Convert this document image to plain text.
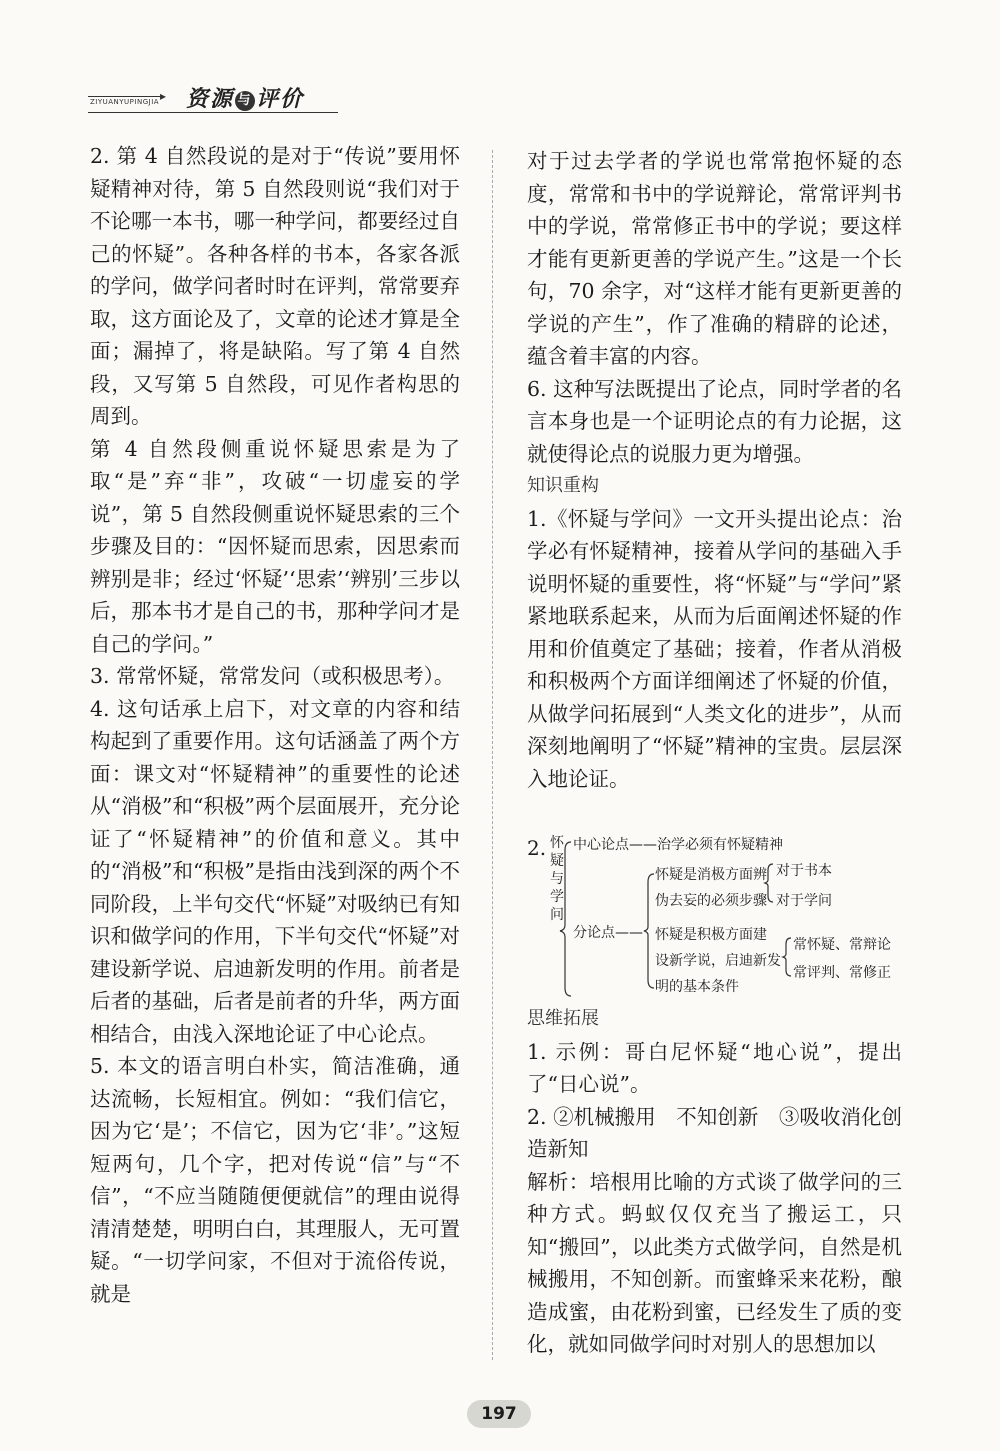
▸
ZIYUANYUPINGJIA 资源 与 评价

2. 第 4 自然段说的是对于“传说”要用怀疑精神对待，第 5 自然段则说“我们对于不论哪一本书，哪一种学问，都要经过自己的怀疑”。各种各样的书本，各家各派的学问，做学问者时时在评判，常常要弃取，这方面论及了，文章的论述才算是全面；漏掉了，将是缺陷。写了第 4 自然段，又写第 5 自然段，可见作者构思的周到。

第 4 自然段侧重说怀疑思索是为了取“是”弃“非”，攻破“一切虚妄的学说”，第 5 自然段侧重说怀疑思索的三个步骤及目的：“因怀疑而思索，因思索而辨别是非；经过‘怀疑’‘思索’‘辨别’三步以后，那本书才是自己的书，那种学问才是自己的学问。”

3. 常常怀疑，常常发问（或积极思考）。

4. 这句话承上启下，对文章的内容和结构起到了重要作用。这句话涵盖了两个方面：课文对“怀疑精神”的重要性的论述从“消极”和“积极”两个层面展开，充分论证了“怀疑精神”的价值和意义。其中的“消极”和“积极”是指由浅到深的两个不同阶段，上半句交代“怀疑”对吸纳已有知识和做学问的作用，下半句交代“怀疑”对建设新学说、启迪新发明的作用。前者是后者的基础，后者是前者的升华，两方面相结合，由浅入深地论证了中心论点。

5. 本文的语言明白朴实，简洁准确，通达流畅，长短相宜。例如：“我们信它，因为它‘是’；不信它，因为它‘非’。”这短短两句，几个字，把对传说“信”与“不信”，“不应当随随便便就信”的理由说得清清楚楚，明明白白，其理服人，无可置疑。“一切学问家，不但对于流俗传说，就是

对于过去学者的学说也常常抱怀疑的态度，常常和书中的学说辩论，常常评判书中的学说，常常修正书中的学说；要这样才能有更新更善的学说产生。”这是一个长句，70 余字，对“这样才能有更新更善的学说的产生”，作了准确的精辟的论述，蕴含着丰富的内容。

6. 这种写法既提出了论点，同时学者的名言本身也是一个证明论点的有力论据，这就使得论点的说服力更为增强。

知识重构

1.《怀疑与学问》一文开头提出论点：治学必有怀疑精神，接着从学问的基础入手说明怀疑的重要性，将“怀疑”与“学问”紧紧地联系起来，从而为后面阐述怀疑的作用和价值奠定了基础；接着，作者从消极和积极两个方面详细阐述了怀疑的价值，从做学问拓展到“人类文化的进步”，从而深刻地阐明了“怀疑”精神的宝贵。层层深入地论证。

2. 怀疑与学问
中心论点——治学必须有怀疑精神
分论点——
怀疑是消极方面辨
伪去妄的必须步骤
对于书本
对于学问
怀疑是积极方面建
设新学说，启迪新发
明的基本条件
常怀疑、常辩论
常评判、常修正

思维拓展

1. 示例：哥白尼怀疑“地心说”，提出了“日心说”。

2. ②机械搬用　不知创新　③吸收消化创造新知

解析：培根用比喻的方式谈了做学问的三种方式。蚂蚁仅仅充当了搬运工，只知“搬回”，以此类方式做学问，自然是机械搬用，不知创新。而蜜蜂采来花粉，酿造成蜜，由花粉到蜜，已经发生了质的变化，就如同做学问时对别人的思想加以

197
